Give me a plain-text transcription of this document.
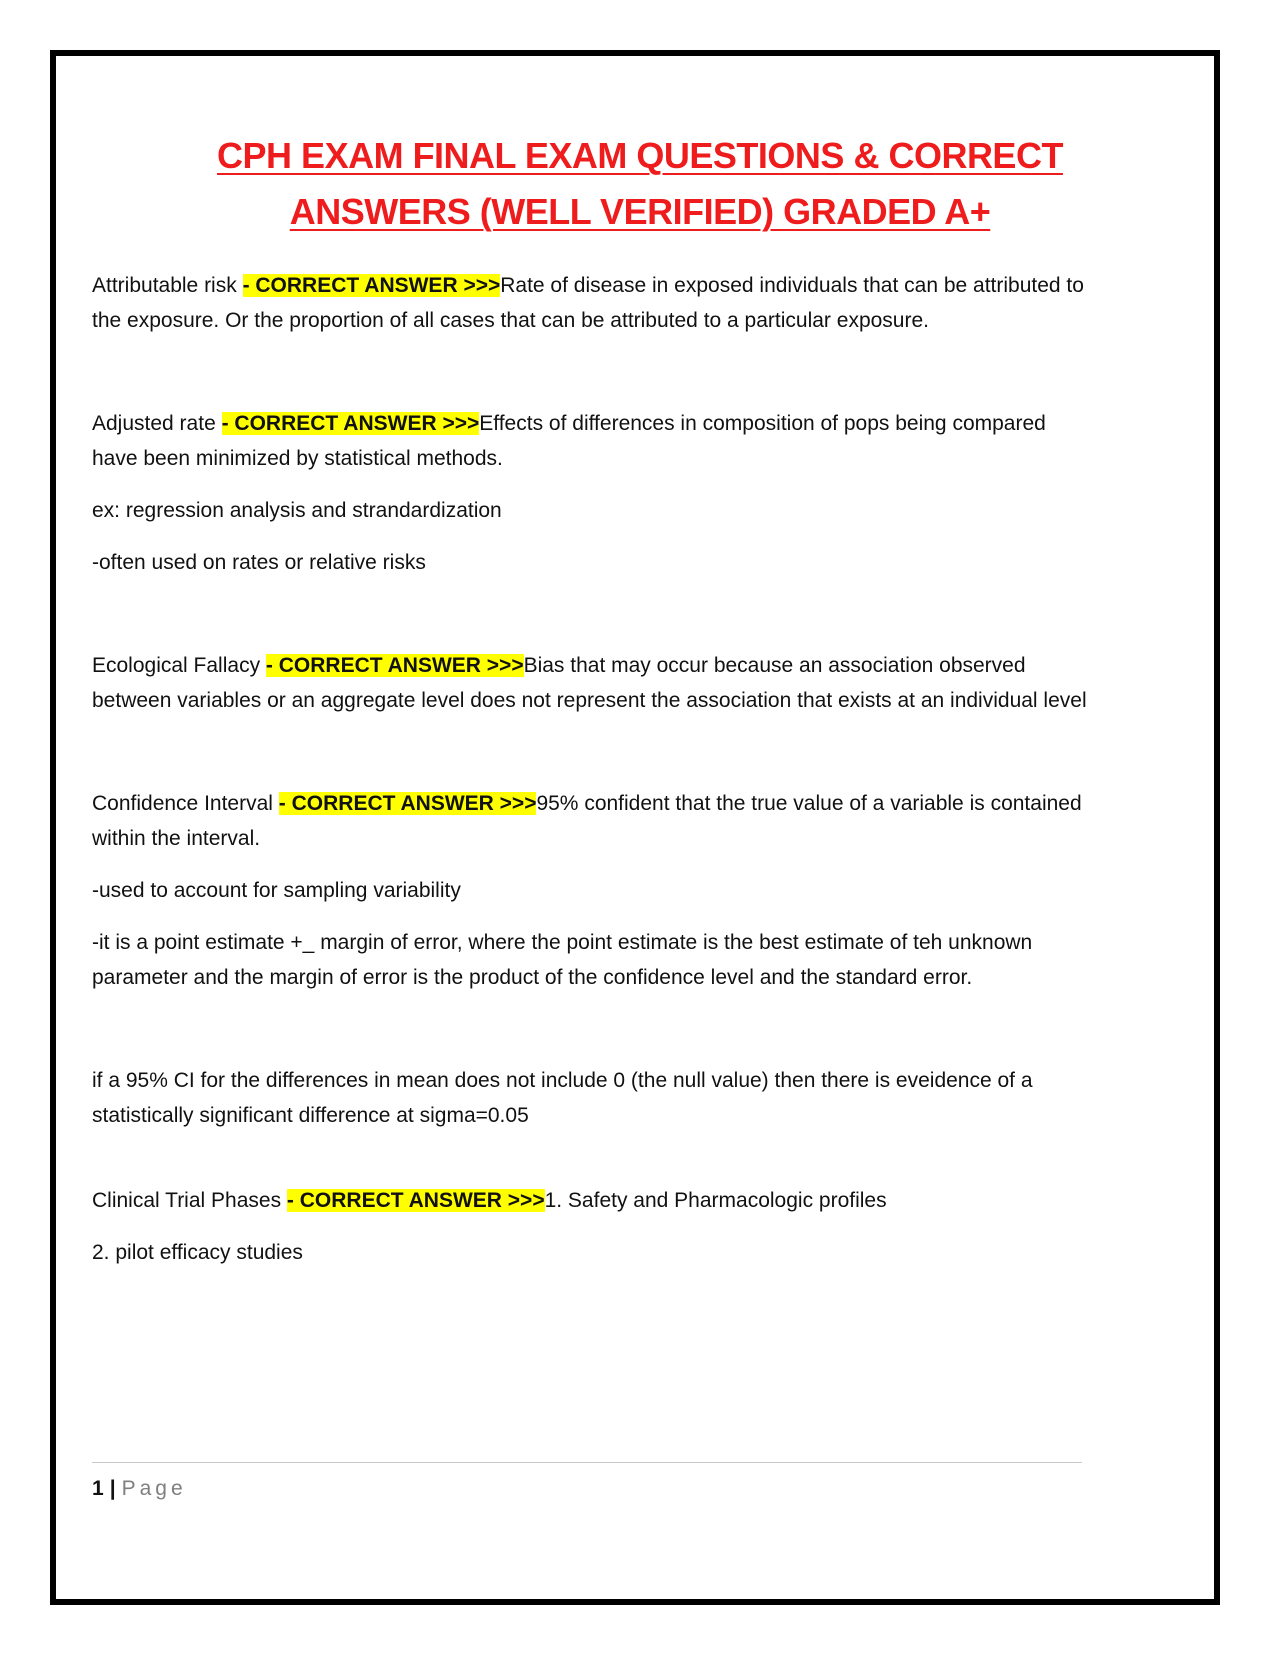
CPH EXAM FINAL EXAM QUESTIONS & CORRECT
ANSWERS (WELL VERIFIED) GRADED A+

Attributable risk - CORRECT ANSWER >>>Rate of disease in exposed individuals that can be attributed to the exposure. Or the proportion of all cases that can be attributed to a particular exposure.

Adjusted rate - CORRECT ANSWER >>>Effects of differences in composition of pops being compared have been minimized by statistical methods.

ex: regression analysis and strandardization

-often used on rates or relative risks

Ecological Fallacy - CORRECT ANSWER >>>Bias that may occur because an association observed between variables or an aggregate level does not represent the association that exists at an individual level

Confidence Interval - CORRECT ANSWER >>>95% confident that the true value of a variable is contained within the interval.

-used to account for sampling variability

-it is a point estimate +_ margin of error, where the point estimate is the best estimate of teh unknown parameter and the margin of error is the product of the confidence level and the standard error.

if a 95% CI for the differences in mean does not include 0 (the null value) then there is eveidence of a statistically significant difference at sigma=0.05

Clinical Trial Phases - CORRECT ANSWER >>>1. Safety and Pharmacologic profiles

2. pilot efficacy studies

1 | Page
